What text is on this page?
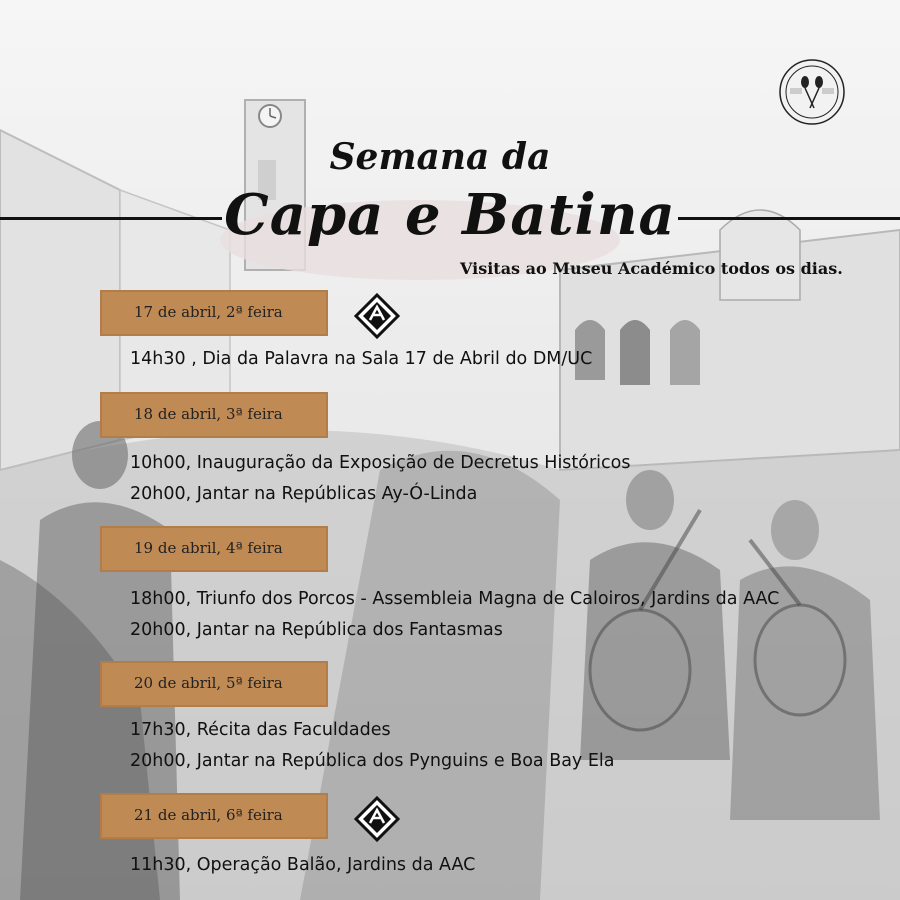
Semana da
Capa e Batina
Visitas ao Museu Académico todos os dias.
17 de abril, 2ª feira
14h30 , Dia da Palavra na Sala 17 de Abril do DM/UC
18 de abril, 3ª feira
10h00, Inauguração da Exposição de Decretus Históricos
20h00, Jantar na Repúblicas Ay-Ó-Linda
19 de abril, 4ª feira
18h00, Triunfo dos Porcos - Assembleia Magna de Caloiros, Jardins da AAC
20h00, Jantar na República dos Fantasmas
20 de abril, 5ª feira
17h30, Récita das Faculdades
20h00, Jantar na República dos Pynguins e Boa Bay Ela
21 de abril, 6ª feira
11h30, Operação Balão, Jardins da AAC
